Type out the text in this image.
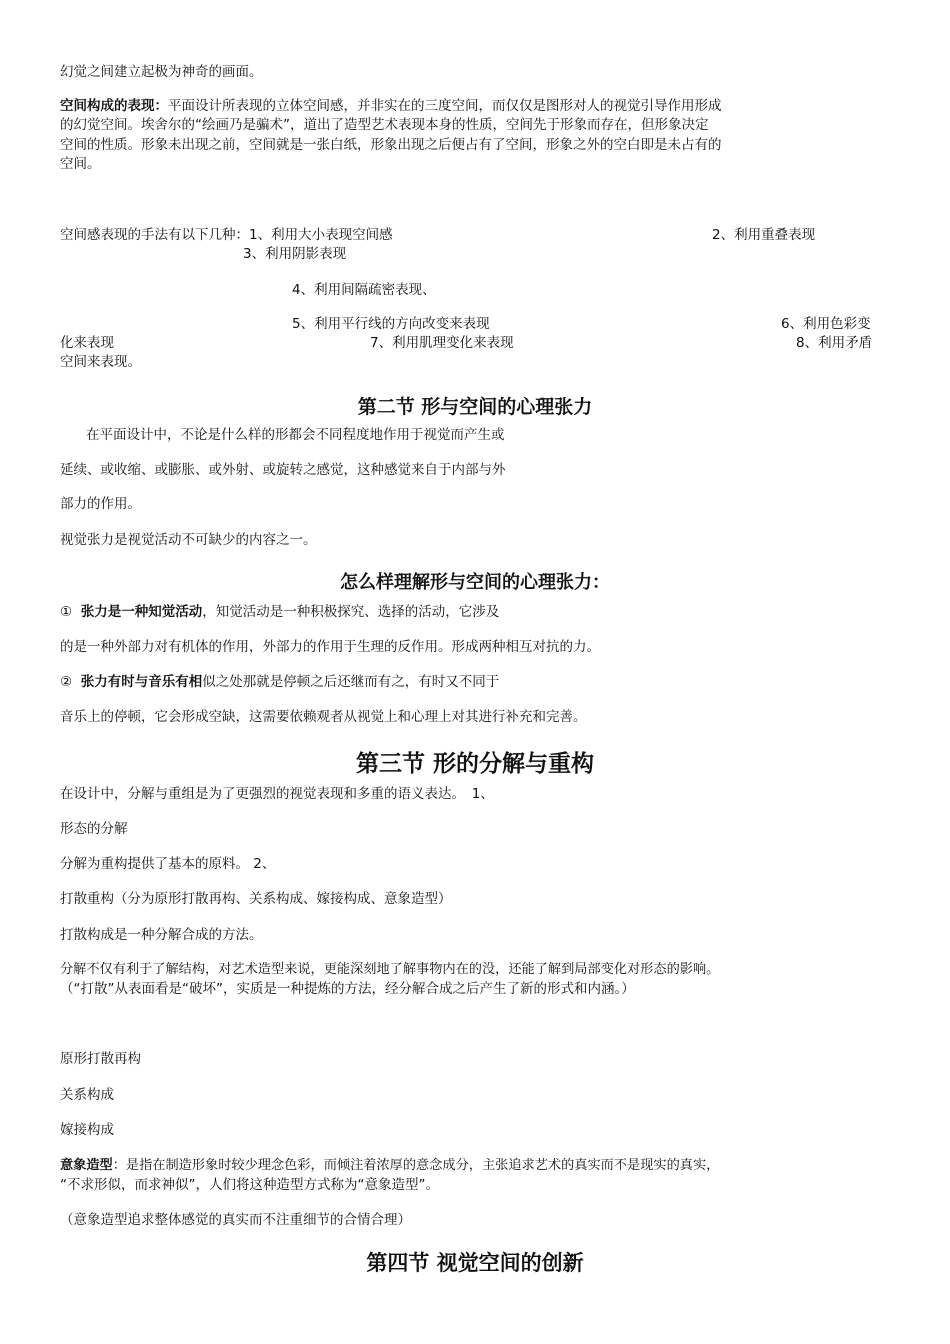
幻觉之间建立起极为神奇的画面。
空间构成的表现：平面设计所表现的立体空间感，并非实在的三度空间，而仅仅是图形对人的视觉引导作用形成
的幻觉空间。埃舍尔的“绘画乃是骗术”，道出了造型艺术表现本身的性质，空间先于形象而存在，但形象决定
空间的性质。形象未出现之前，空间就是一张白纸，形象出现之后便占有了空间，形象之外的空白即是未占有的
空间。
空间感表现的手法有以下几种：1、利用大小表现空间感	2、利用重叠表现
3、利用阴影表现
4、利用间隔疏密表现、
5、利用平行线的方向改变来表现	6、利用色彩变
化来表现	7、利用肌理变化来表现	8、利用矛盾
空间来表现。
第二节 形与空间的心理张力
在平面设计中，不论是什么样的形都会不同程度地作用于视觉而产生或
延续、或收缩、或膨胀、或外射、或旋转之感觉，这种感觉来自于内部与外
部力的作用。
视觉张力是视觉活动不可缺少的内容之一。
怎么样理解形与空间的心理张力：
① 张力是一种知觉活动，知觉活动是一种积极探究、选择的活动，它涉及
的是一种外部力对有机体的作用，外部力的作用于生理的反作用。形成两种相互对抗的力。
② 张力有时与音乐有相似之处那就是停顿之后还继而有之，有时又不同于
音乐上的停顿，它会形成空缺，这需要依赖观者从视觉上和心理上对其进行补充和完善。
第三节 形的分解与重构
在设计中，分解与重组是为了更强烈的视觉表现和多重的语义表达。　1、
形态的分解
分解为重构提供了基本的原料。 2、
打散重构（分为原形打散再构、关系构成、嫁接构成、意象造型）
打散构成是一种分解合成的方法。
分解不仅有利于了解结构，对艺术造型来说，更能深刻地了解事物内在的没，还能了解到局部变化对形态的影响。
（“打散”从表面看是“破坏”，实质是一种提炼的方法，经分解合成之后产生了新的形式和内涵。）
原形打散再构
关系构成
嫁接构成
意象造型：是指在制造形象时较少理念色彩，而倾注着浓厚的意念成分，主张追求艺术的真实而不是现实的真实，
“不求形似，而求神似”，人们将这种造型方式称为“意象造型”。
（意象造型追求整体感觉的真实而不注重细节的合情合理）
第四节 视觉空间的创新
